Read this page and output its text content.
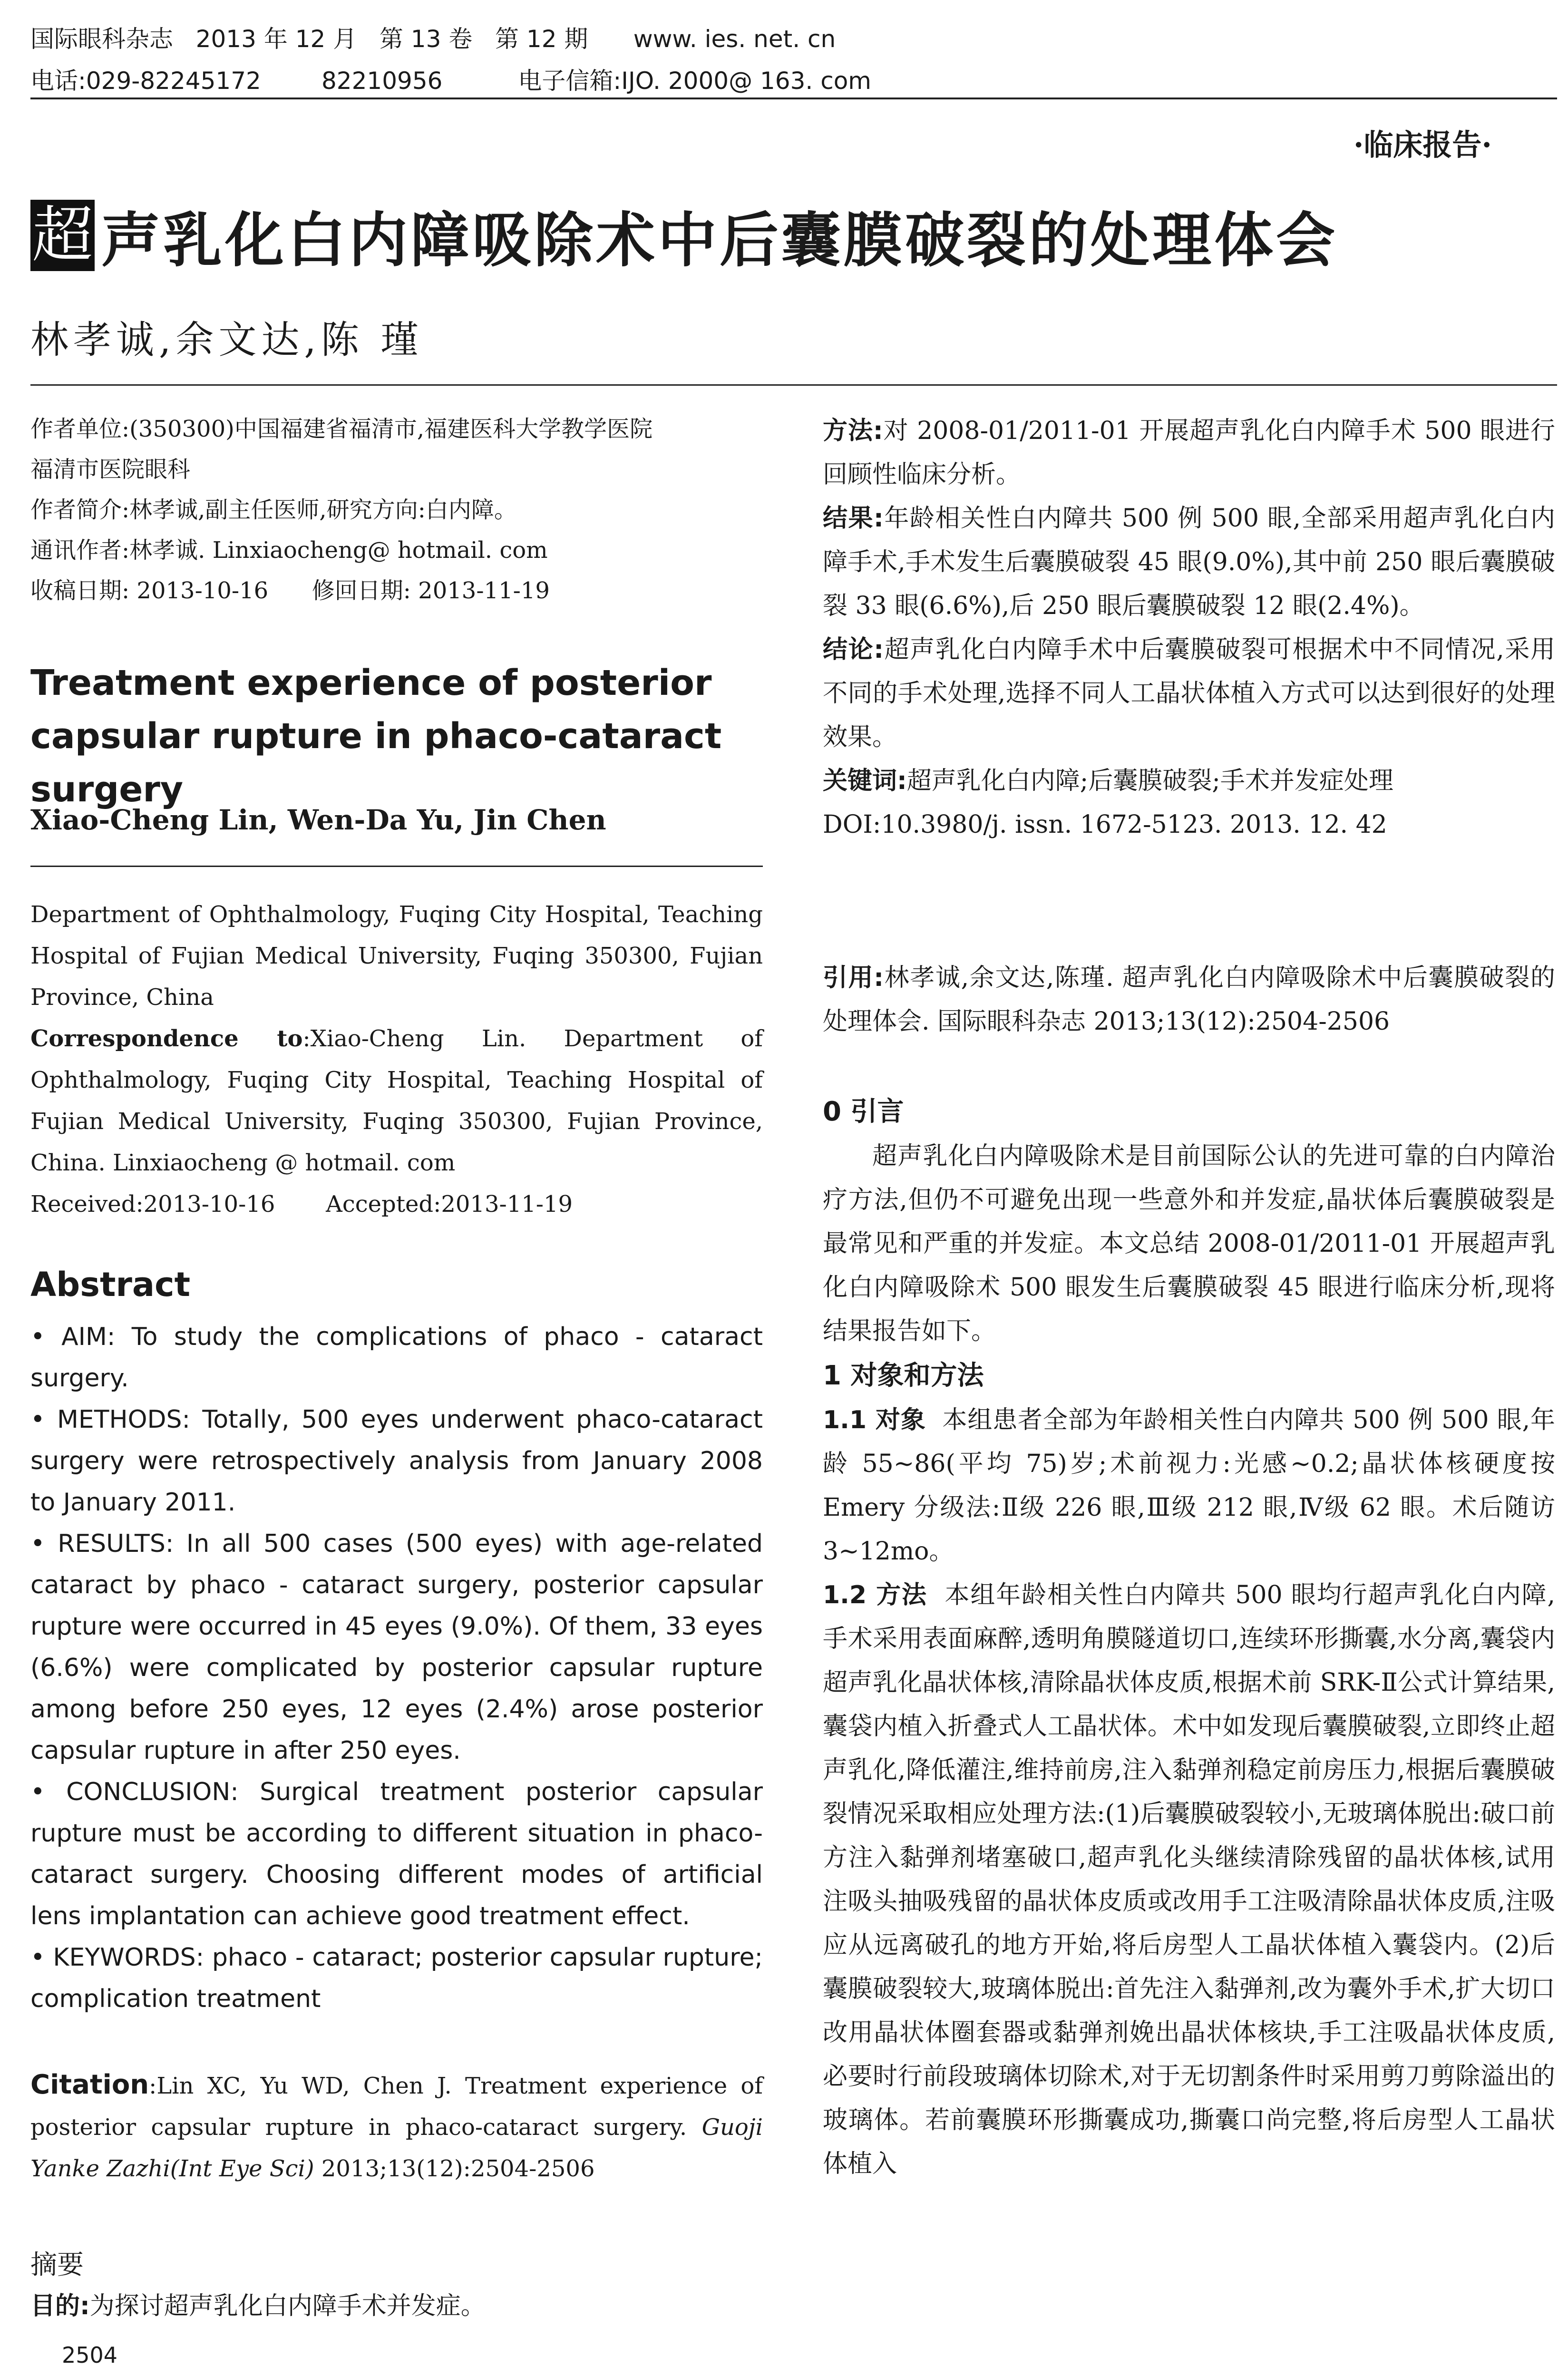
国际眼科杂志   2013 年 12 月   第 13 卷   第 12 期      www. ies. net. cn
电话:029-82245172        82210956          电子信箱:IJO. 2000@ 163. com
·临床报告·
超 声乳化白内障吸除术中后囊膜破裂的处理体会
林孝诚,余文达,陈 瑾
作者单位:(350300)中国福建省福清市,福建医科大学教学医院
福清市医院眼科
作者简介:林孝诚,副主任医师,研究方向:白内障。
通讯作者:林孝诚. Linxiaocheng@ hotmail. com
收稿日期: 2013-10-16      修回日期: 2013-11-19
Treatment experience of posterior capsular rupture in phaco-cataract surgery
Xiao-Cheng Lin, Wen-Da Yu, Jin Chen
Department of Ophthalmology, Fuqing City Hospital, Teaching Hospital of Fujian Medical University, Fuqing 350300, Fujian Province, China
Correspondence to:Xiao-Cheng Lin. Department of Ophthalmology, Fuqing City Hospital, Teaching Hospital of Fujian Medical University, Fuqing 350300, Fujian Province, China. Linxiaocheng @ hotmail. com
Received:2013-10-16       Accepted:2013-11-19
Abstract

• AIM: To study the complications of phaco - cataract surgery.

• METHODS: Totally, 500 eyes underwent phaco-cataract surgery were retrospectively analysis from January 2008 to January 2011.

• RESULTS: In all 500 cases (500 eyes) with age-related cataract by phaco - cataract surgery, posterior capsular rupture were occurred in 45 eyes (9.0%). Of them, 33 eyes (6.6%) were complicated by posterior capsular rupture among before 250 eyes, 12 eyes (2.4%) arose posterior capsular rupture in after 250 eyes.

• CONCLUSION: Surgical treatment posterior capsular rupture must be according to different situation in phaco-cataract surgery. Choosing different modes of artificial lens implantation can achieve good treatment effect.

• KEYWORDS: phaco - cataract; posterior capsular rupture; complication treatment

Citation:Lin XC, Yu WD, Chen J. Treatment experience of posterior capsular rupture in phaco-cataract surgery. Guoji Yanke Zazhi(Int Eye Sci) 2013;13(12):2504-2506
摘要
目的:为探讨超声乳化白内障手术并发症。
2504

方法:对 2008-01/2011-01 开展超声乳化白内障手术 500 眼进行回顾性临床分析。

结果:年龄相关性白内障共 500 例 500 眼,全部采用超声乳化白内障手术,手术发生后囊膜破裂 45 眼(9.0%),其中前 250 眼后囊膜破裂 33 眼(6.6%),后 250 眼后囊膜破裂 12 眼(2.4%)。

结论:超声乳化白内障手术中后囊膜破裂可根据术中不同情况,采用不同的手术处理,选择不同人工晶状体植入方式可以达到很好的处理效果。

关键词:超声乳化白内障;后囊膜破裂;手术并发症处理

DOI:10.3980/j. issn. 1672-5123. 2013. 12. 42

引用:林孝诚,余文达,陈瑾. 超声乳化白内障吸除术中后囊膜破裂的处理体会. 国际眼科杂志 2013;13(12):2504-2506

0 引言

超声乳化白内障吸除术是目前国际公认的先进可靠的白内障治疗方法,但仍不可避免出现一些意外和并发症,晶状体后囊膜破裂是最常见和严重的并发症。本文总结 2008-01/2011-01 开展超声乳化白内障吸除术 500 眼发生后囊膜破裂 45 眼进行临床分析,现将结果报告如下。

1 对象和方法

1.1 对象 本组患者全部为年龄相关性白内障共 500 例 500 眼,年龄 55~86(平均 75)岁;术前视力:光感~0.2;晶状体核硬度按 Emery 分级法:Ⅱ级 226 眼,Ⅲ级 212 眼,Ⅳ级 62 眼。术后随访 3~12mo。

1.2 方法 本组年龄相关性白内障共 500 眼均行超声乳化白内障,手术采用表面麻醉,透明角膜隧道切口,连续环形撕囊,水分离,囊袋内超声乳化晶状体核,清除晶状体皮质,根据术前 SRK-Ⅱ公式计算结果,囊袋内植入折叠式人工晶状体。术中如发现后囊膜破裂,立即终止超声乳化,降低灌注,维持前房,注入黏弹剂稳定前房压力,根据后囊膜破裂情况采取相应处理方法:(1)后囊膜破裂较小,无玻璃体脱出:破口前方注入黏弹剂堵塞破口,超声乳化头继续清除残留的晶状体核,试用注吸头抽吸残留的晶状体皮质或改用手工注吸清除晶状体皮质,注吸应从远离破孔的地方开始,将后房型人工晶状体植入囊袋内。(2)后囊膜破裂较大,玻璃体脱出:首先注入黏弹剂,改为囊外手术,扩大切口改用晶状体圈套器或黏弹剂娩出晶状体核块,手工注吸晶状体皮质,必要时行前段玻璃体切除术,对于无切割条件时采用剪刀剪除溢出的玻璃体。若前囊膜环形撕囊成功,撕囊口尚完整,将后房型人工晶状体植入
